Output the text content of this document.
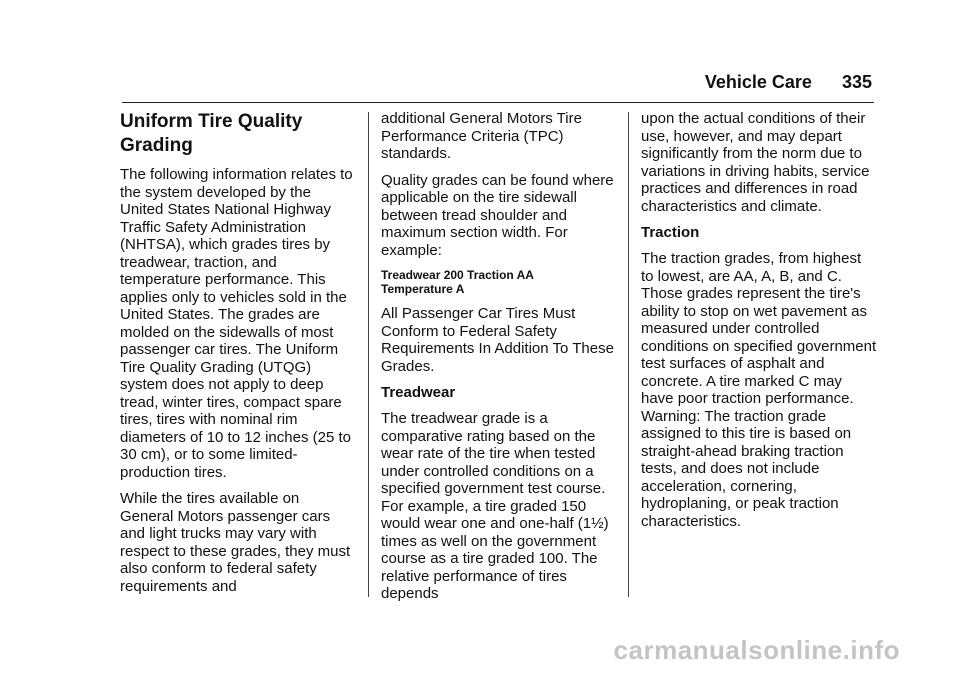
Vehicle Care 335
Uniform Tire Quality
Grading

The following information relates to the system developed by the United States National Highway Traffic Safety Administration (NHTSA), which grades tires by treadwear, traction, and temperature performance. This applies only to vehicles sold in the United States. The grades are molded on the sidewalls of most passenger car tires. The Uniform Tire Quality Grading (UTQG) system does not apply to deep tread, winter tires, compact spare tires, tires with nominal rim diameters of 10 to 12 inches (25 to 30 cm), or to some limited-production tires.

While the tires available on General Motors passenger cars and light trucks may vary with respect to these grades, they must also conform to federal safety requirements and

additional General Motors Tire Performance Criteria (TPC) standards.

Quality grades can be found where applicable on the tire sidewall between tread shoulder and maximum section width. For example:

Treadwear 200 Traction AA
Temperature A

All Passenger Car Tires Must Conform to Federal Safety Requirements In Addition To These Grades.

Treadwear

The treadwear grade is a comparative rating based on the wear rate of the tire when tested under controlled conditions on a specified government test course. For example, a tire graded 150 would wear one and one-half (1½) times as well on the government course as a tire graded 100. The relative performance of tires depends

upon the actual conditions of their use, however, and may depart significantly from the norm due to variations in driving habits, service practices and differences in road characteristics and climate.

Traction

The traction grades, from highest to lowest, are AA, A, B, and C. Those grades represent the tire's ability to stop on wet pavement as measured under controlled conditions on specified government test surfaces of asphalt and concrete. A tire marked C may have poor traction performance.

Warning: The traction grade assigned to this tire is based on straight-ahead braking traction tests, and does not include acceleration, cornering, hydroplaning, or peak traction characteristics.

carmanualsonline.info
